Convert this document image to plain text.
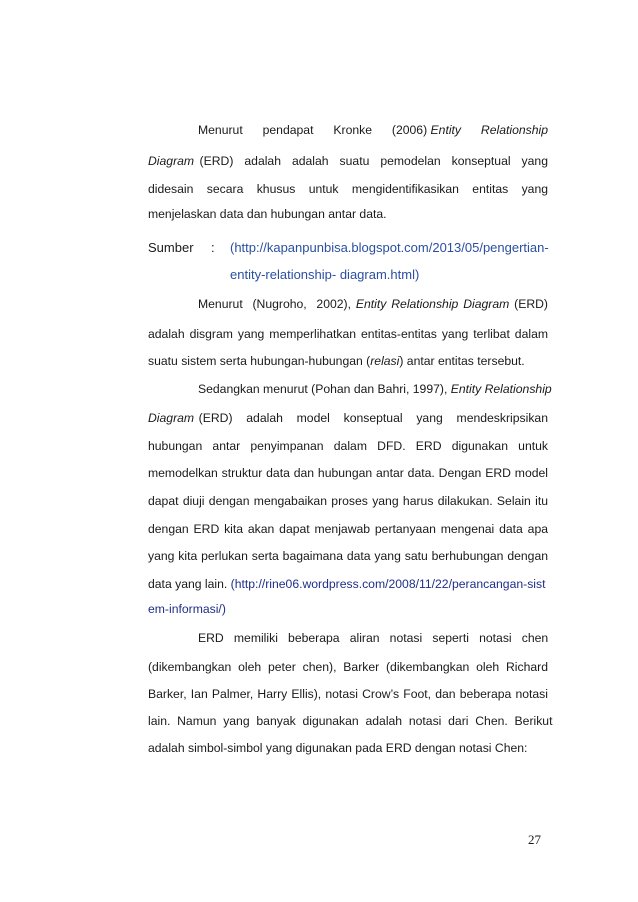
Menurut pendapat Kronke (2006) Entity Relationship
Diagram (ERD)  adalah  adalah  suatu  pemodelan  konseptual  yang
didesain  secara  khusus  untuk  mengidentifikasikan  entitas  yang
menjelaskan data dan hubungan antar data.
Sumber : (http://kapanpunbisa.blogspot.com/2013/05/pengertian-
entity-relationship- diagram.html)
Menurut  (Nugroho,  2002), Entity Relationship Diagram (ERD)
adalah disgram yang memperlihatkan entitas-entitas yang terlibat dalam
suatu sistem serta hubungan-hubungan (relasi) antar entitas tersebut.
Sedangkan menurut (Pohan dan Bahri, 1997), Entity Relationship
Diagram (ERD)   adalah   model   konseptual   yang   mendeskripsikan
hubungan  antar  penyimpanan  dalam  DFD.  ERD  digunakan  untuk
memodelkan struktur data dan hubungan antar data. Dengan ERD model
dapat diuji dengan mengabaikan proses yang harus dilakukan. Selain itu
dengan ERD kita akan dapat menjawab pertanyaan mengenai data apa
yang kita perlukan serta bagaimana data yang satu berhubungan dengan
data yang lain. (http://rine06.wordpress.com/2008/11/22/perancangan-sist
em-informasi/)
ERD   memiliki   beberapa   aliran   notasi   seperti   notasi   chen
(dikembangkan  oleh  peter  chen),  Barker  (dikembangkan  oleh  Richard
Barker, Ian Palmer, Harry Ellis), notasi Crow’s Foot, dan beberapa notasi
lain.  Namun  yang  banyak  digunakan  adalah  notasi  dari  Chen.  Berikut
adalah simbol-simbol yang digunakan pada ERD dengan notasi Chen:
27
